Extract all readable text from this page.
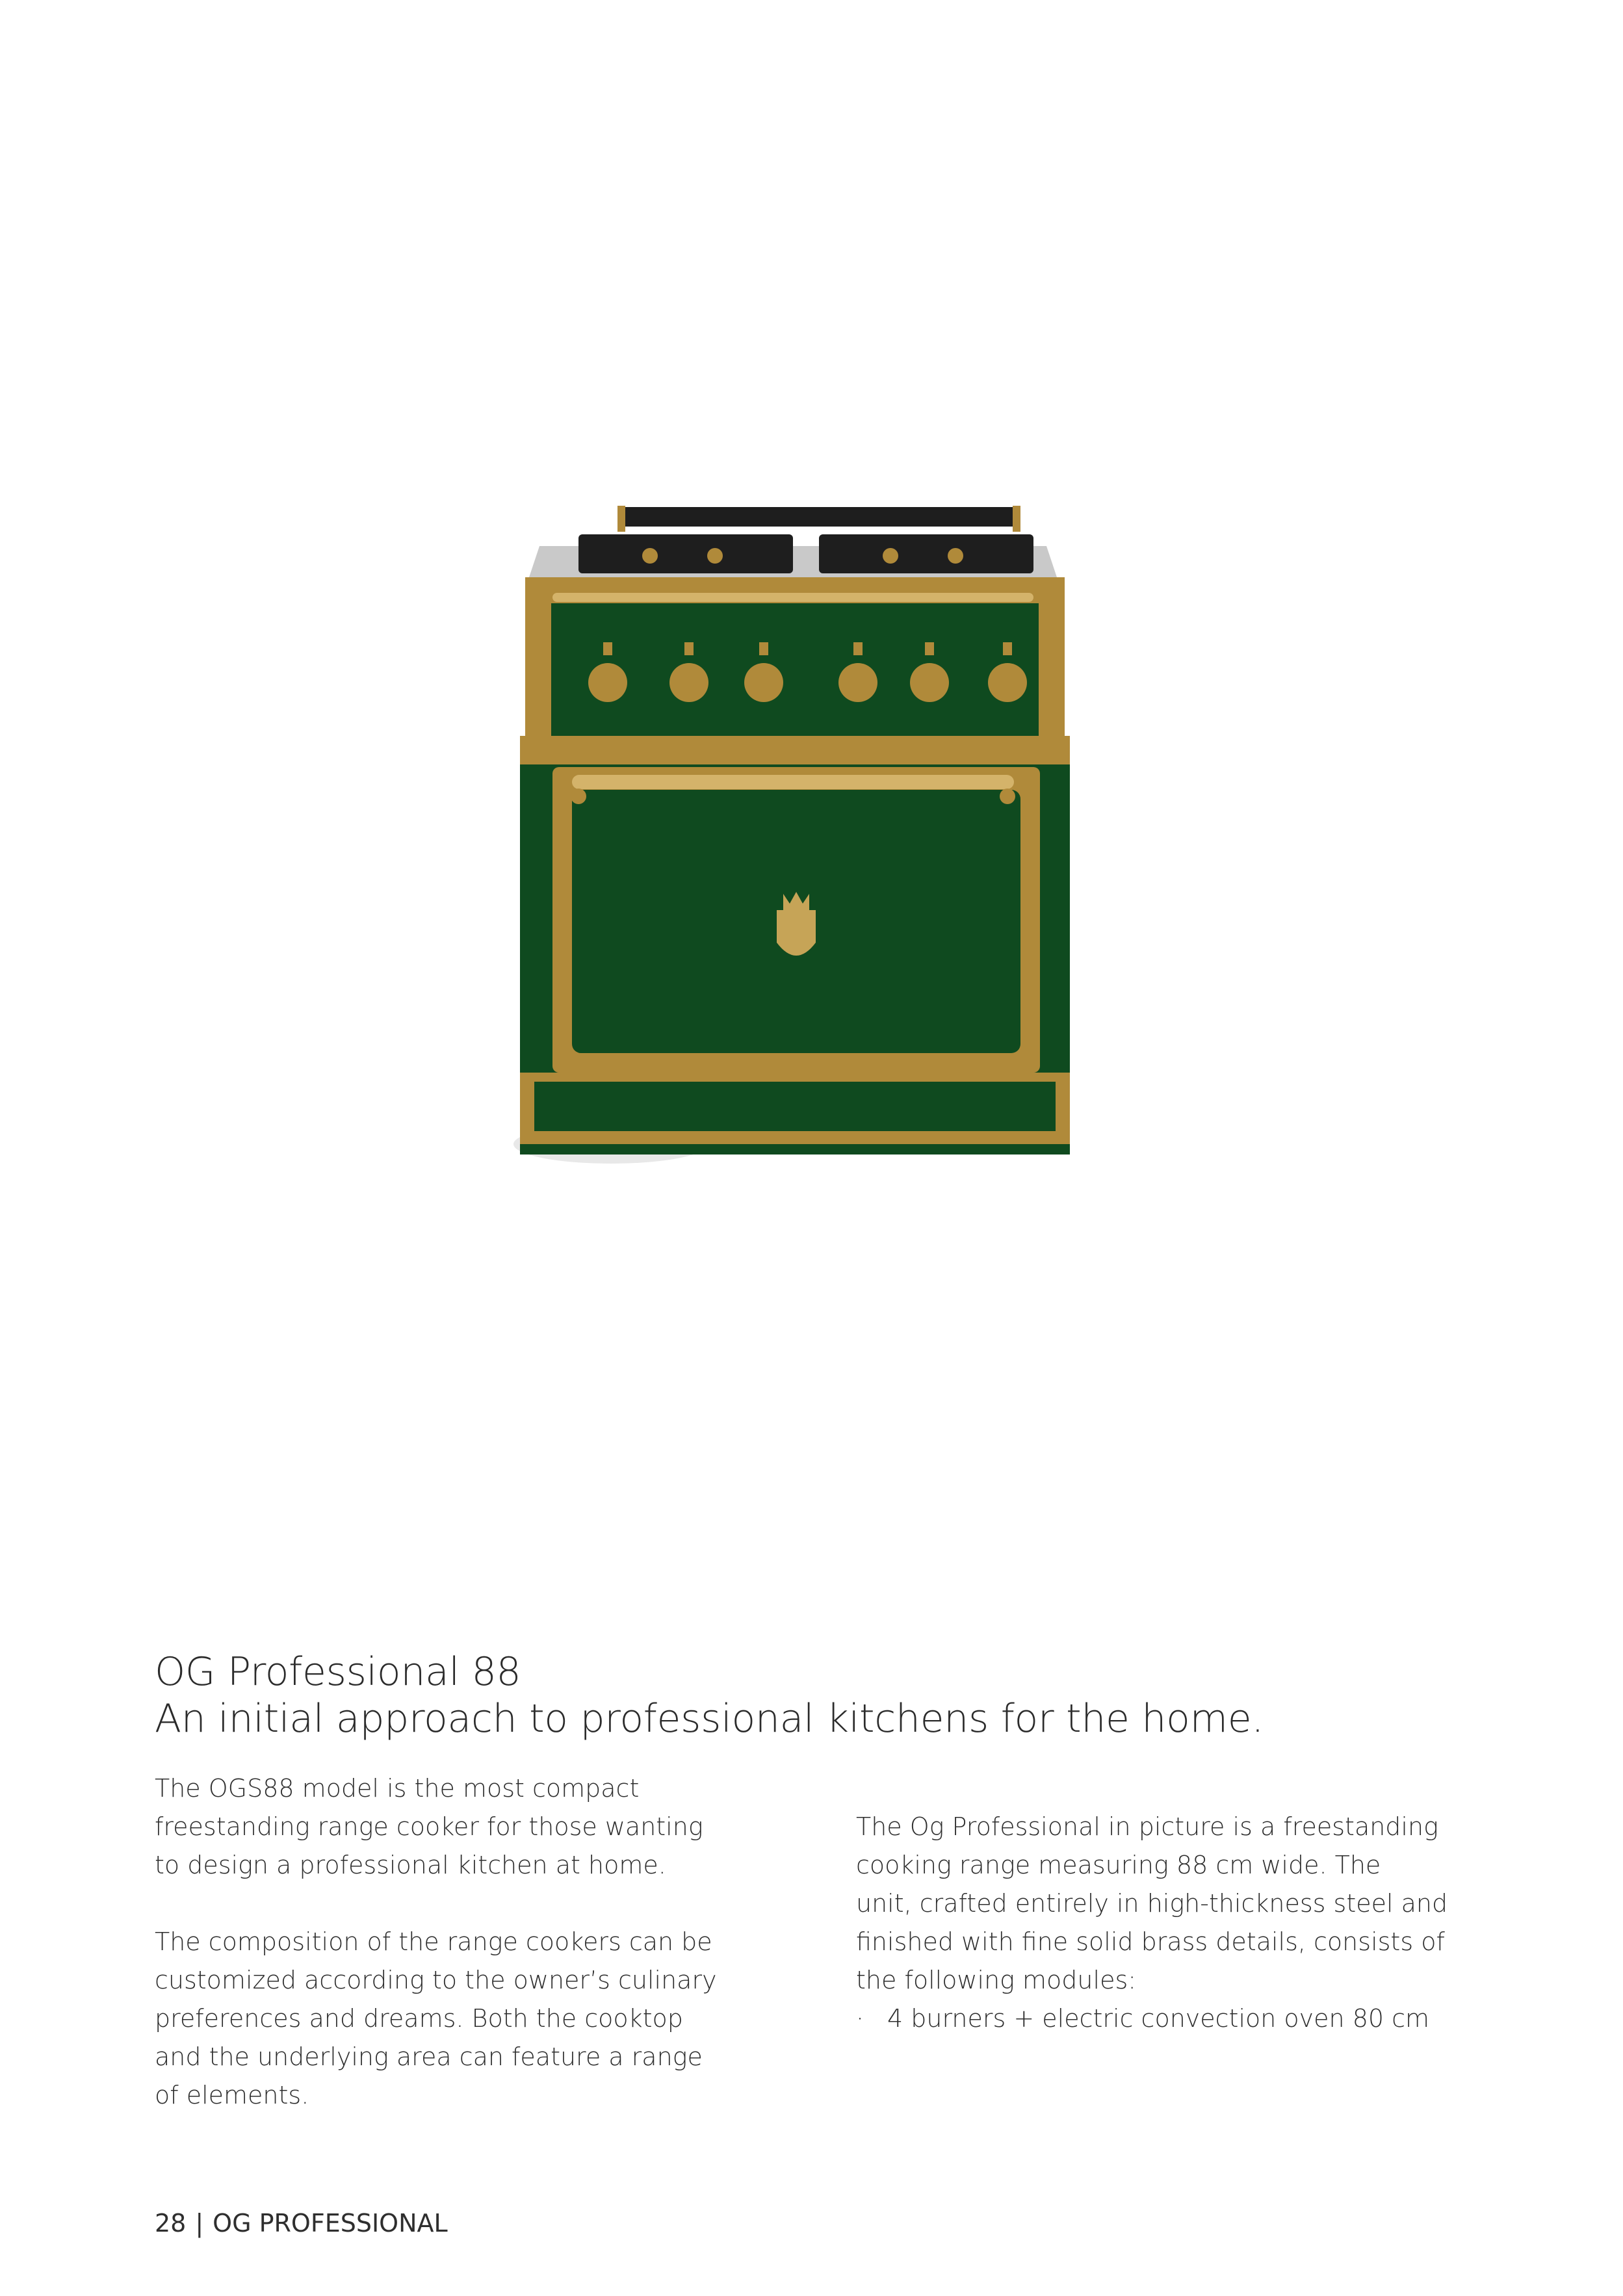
OG Professional 88
An initial approach to professional kitchens for the home.

The OGS88 model is the most compact

freestanding range cooker for those wanting

to design a professional kitchen at home.

The composition of the range cookers can be

customized according to the owner’s culinary

preferences and dreams. Both the cooktop

and the underlying area can feature a range

of elements.

The Og Professional in picture is a freestanding

cooking range measuring 88 cm wide. The

unit, crafted entirely in high-thickness steel and

finished with fine solid brass details, consists of

the following modules:

· 4 burners + electric convection oven 80 cm
28 | OG PROFESSIONAL
